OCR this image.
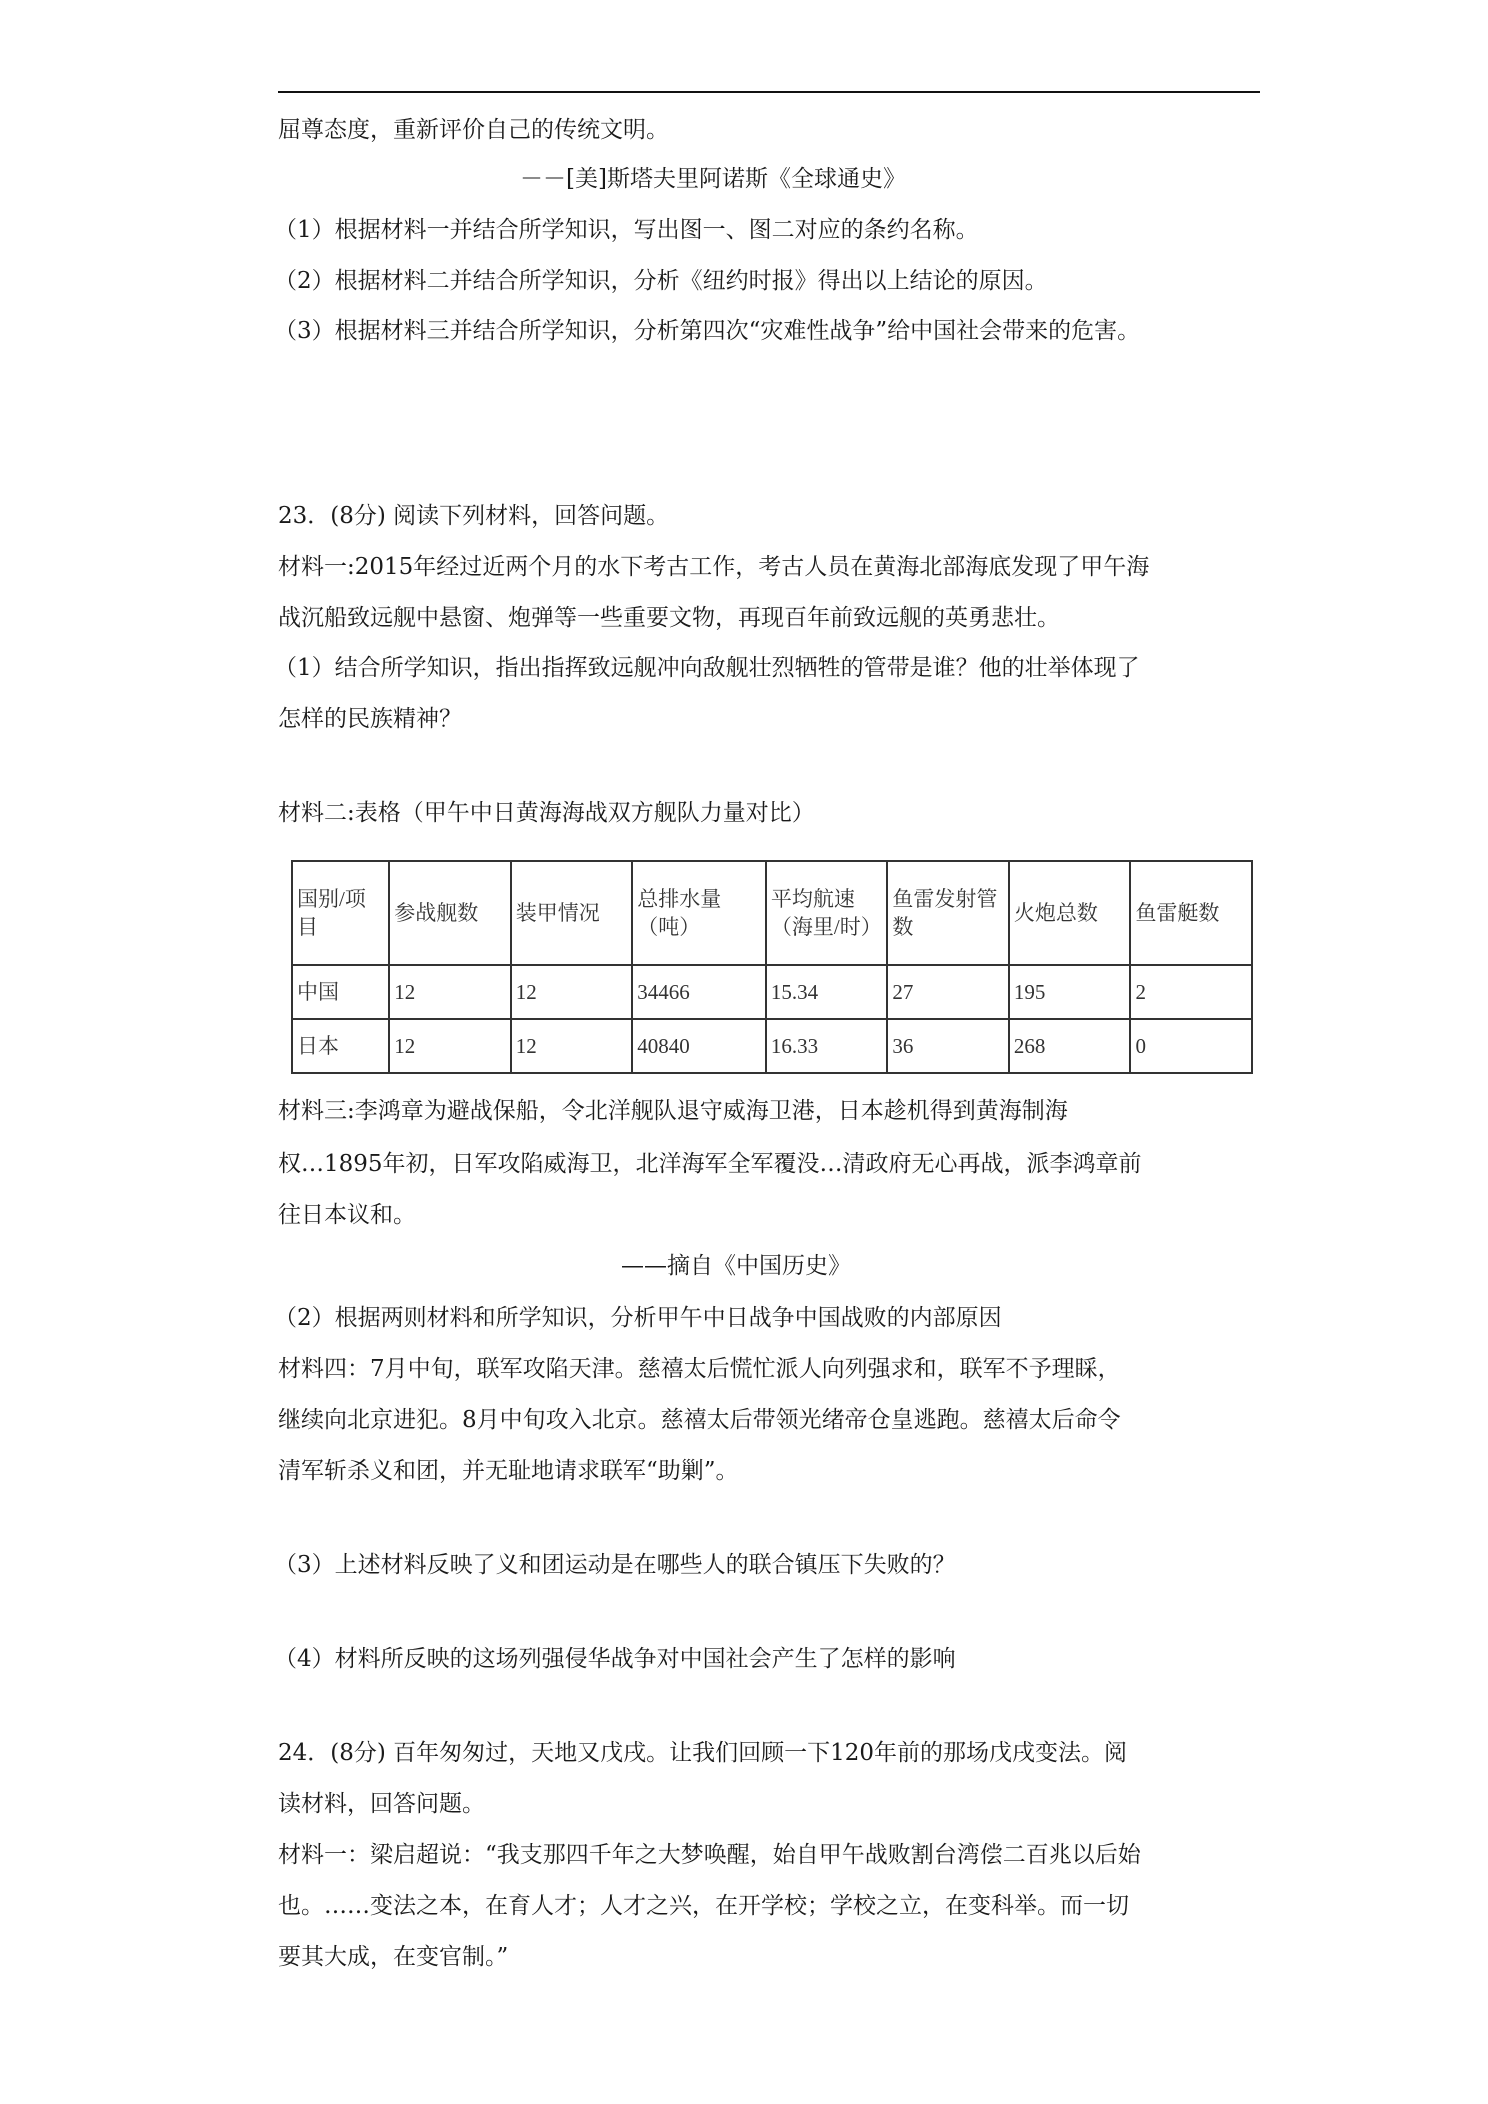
屈尊态度，重新评价自己的传统文明。
－－[美]斯塔夫里阿诺斯《全球通史》
（1）根据材料一并结合所学知识，写出图一、图二对应的条约名称。
（2）根据材料二并结合所学知识，分析《纽约时报》得出以上结论的原因。
（3）根据材料三并结合所学知识，分析第四次“灾难性战争”给中国社会带来的危害。
23．(8分) 阅读下列材料，回答问题。
材料一:2015年经过近两个月的水下考古工作，考古人员在黄海北部海底发现了甲午海
战沉船致远舰中悬窗、炮弹等一些重要文物，再现百年前致远舰的英勇悲壮。
（1）结合所学知识，指出指挥致远舰冲向敌舰壮烈牺牲的管带是谁？他的壮举体现了
怎样的民族精神？
材料二:表格（甲午中日黄海海战双方舰队力量对比）
国别/项目	参战舰数	装甲情况	总排水量（吨）	平均航速（海里/时）	鱼雷发射管数	火炮总数	鱼雷艇数
中国	12	12	34466	15.34	27	195	2
日本	12	12	40840	16.33	36	268	0
材料三:李鸿章为避战保船，令北洋舰队退守威海卫港，日本趁机得到黄海制海
权…1895年初，日军攻陷威海卫，北洋海军全军覆没…清政府无心再战，派李鸿章前
往日本议和。
——摘自《中国历史》
（2）根据两则材料和所学知识，分析甲午中日战争中国战败的内部原因
材料四：7月中旬，联军攻陷天津。慈禧太后慌忙派人向列强求和，联军不予理睬，
继续向北京进犯。8月中旬攻入北京。慈禧太后带领光绪帝仓皇逃跑。慈禧太后命令
清军斩杀义和团，并无耻地请求联军“助剿”。
（3）上述材料反映了义和团运动是在哪些人的联合镇压下失败的？
（4）材料所反映的这场列强侵华战争对中国社会产生了怎样的影响
24．(8分) 百年匆匆过，天地又戊戌。让我们回顾一下120年前的那场戊戌变法。阅
读材料，回答问题。
材料一：梁启超说：“我支那四千年之大梦唤醒，始自甲午战败割台湾偿二百兆以后始
也。……变法之本，在育人才；人才之兴，在开学校；学校之立，在变科举。而一切
要其大成，在变官制。”
